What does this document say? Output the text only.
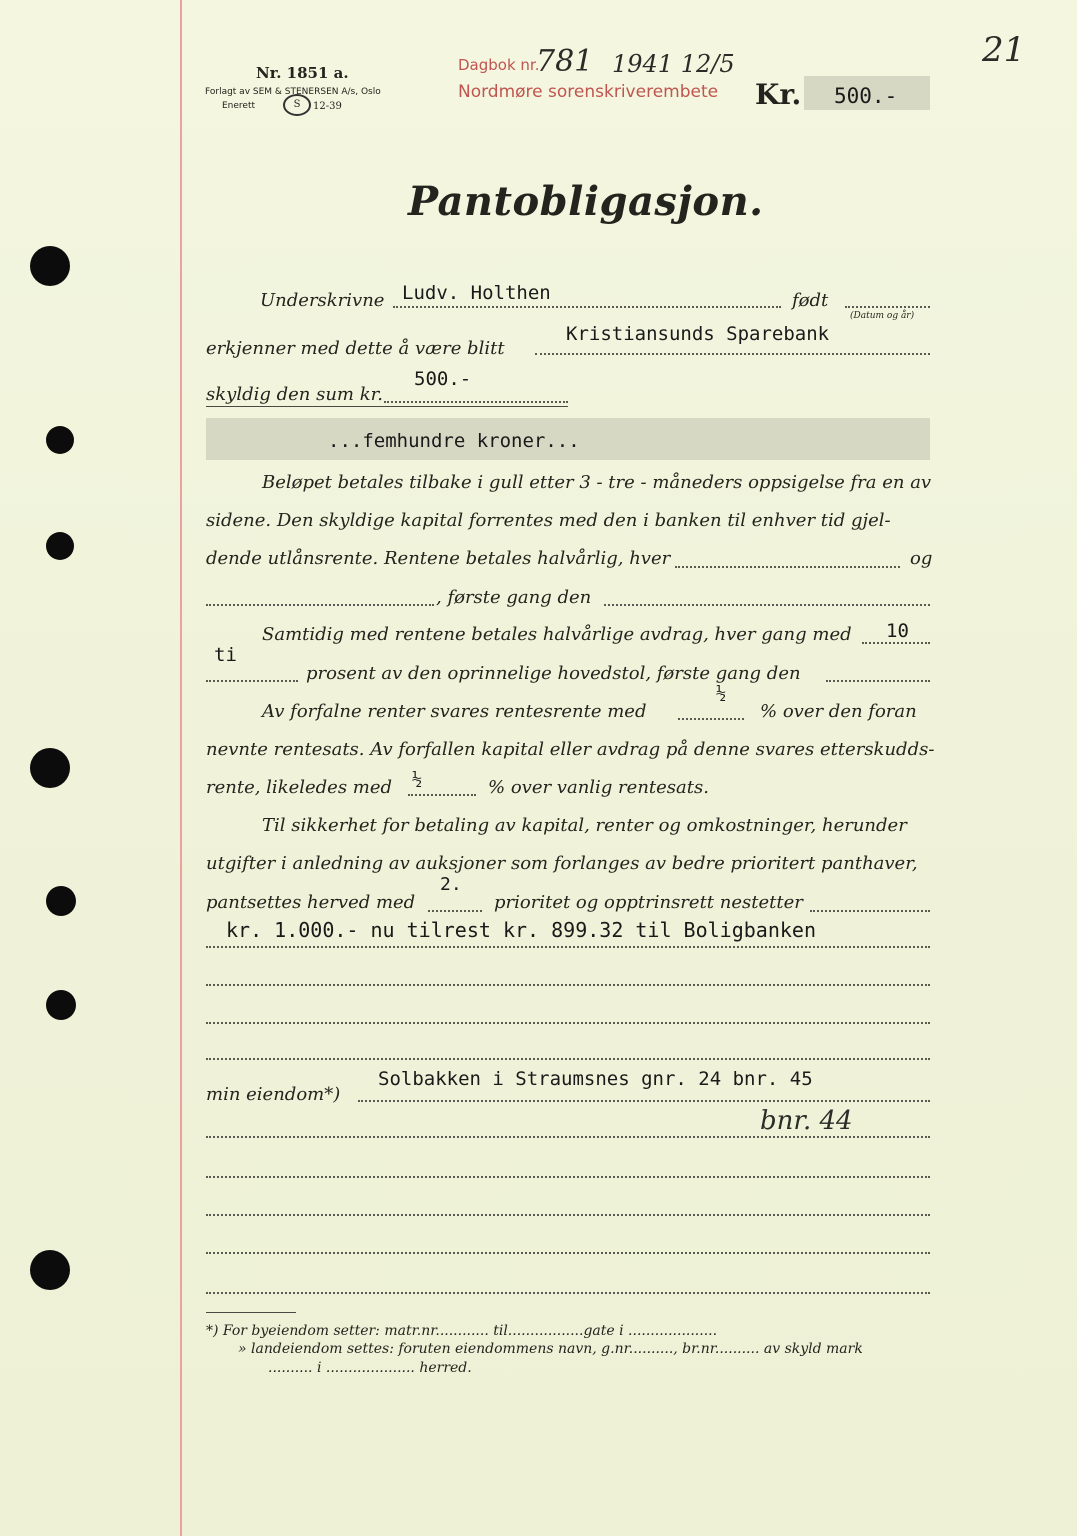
Nr. 1851 a.
Forlagt av SEM & STENERSEN A/s, Oslo
Enerett	S	12-39
Dagbok nr.
781 1941 12/5
Nordmøre sorenskriverembete Kr. 500.-
21
Pantobligasjon.
Underskrivne Ludv. Holthen	født
(Datum og år)
erkjenner med dette å være blitt
Kristiansunds Sparebank
skyldig den sum kr.
500.-
...femhundre kroner...
Beløpet betales tilbake i gull etter 3 - tre - måneders oppsigelse fra en av
sidene. Den skyldige kapital forrentes med den i banken til enhver tid gjel-
dende utlånsrente. Rentene betales halvårlig, hver	og
, første gang den
Samtidig med rentene betales halvårlige avdrag, hver gang med 10
ti
prosent av den oprinnelige hovedstol, første gang den
Av forfalne renter svares rentesrente med
½
% over den foran
nevnte rentesats. Av forfallen kapital eller avdrag på denne svares etterskudds-
rente, likeledes med ½	% over vanlig rentesats.
Til sikkerhet for betaling av kapital, renter og omkostninger, herunder
utgifter i anledning av auksjoner som forlanges av bedre prioritert panthaver,
pantsettes herved med
2.
prioritet og opptrinsrett nestetter
kr. 1.000.- nu tilrest kr. 899.32 til Boligbanken
min eiendom*)
Solbakken i Straumsnes gnr. 24 bnr. 45
bnr. 44
*) For byeiendom setter: matr.nr............ til.................gate i ....................
» landeiendom settes: foruten eiendommens navn, g.nr.........., br.nr.......... av skyld mark
.......... i .................... herred.
